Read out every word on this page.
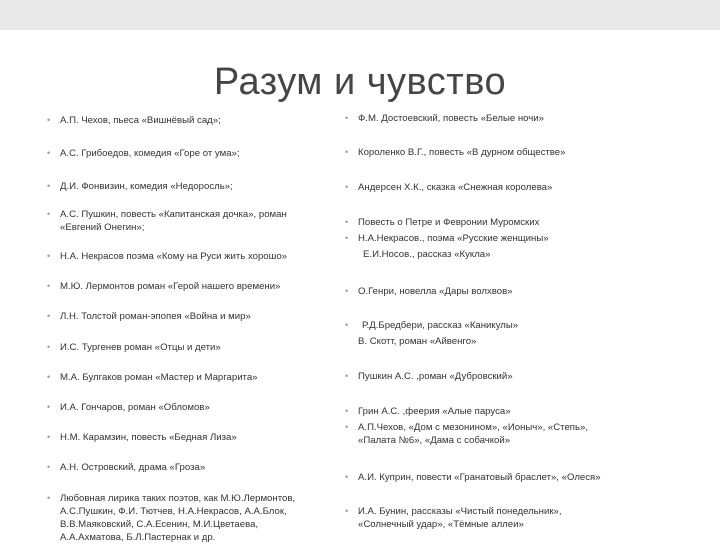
Разум и чувство
• А.П. Чехов, пьеса «Вишнёвый сад»;
• А.С. Грибоедов, комедия «Горе от ума»;
• Д.И. Фонвизин, комедия «Недоросль»;
• А.С. Пушкин, повесть «Капитанская дочка», роман
«Евгений Онегин»;
• Н.А. Некрасов поэма «Кому на Руси жить хорошо»
• М.Ю. Лермонтов роман «Герой нашего времени»
• Л.Н. Толстой роман-эпопея «Война и мир»
• И.С. Тургенев роман «Отцы и дети»
• М.А. Булгаков роман «Мастер и Маргарита»
• И.А. Гончаров, роман «Обломов»
• Н.М. Карамзин, повесть «Бедная Лиза»
• А.Н. Островский, драма «Гроза»
• Любовная лирика таких поэтов, как М.Ю.Лермонтов,
А.С.Пушкин, Ф.И. Тютчев, Н.А.Некрасов, А.А.Блок,
В.В.Маяковский, С.А.Есенин, М.И.Цветаева,
А.А.Ахматова, Б.Л.Пастернак и др.
• Ф.М. Достоевский, повесть «Белые ночи»
• Короленко В.Г., повесть «В дурном обществе»
• Андерсен Х.К., сказка «Снежная королева»
• Повесть о Петре и Февронии Муромских
• Н.А.Некрасов., поэма «Русские женщины»
Е.И.Носов., рассказ «Кукла»
• О.Генри, новелла «Дары волхвов»
• Р.Д.Бредбери, рассказ «Каникулы»
В. Скотт, роман «Айвенго»
• Пушкин А.С. ,роман «Дубровский»
• Грин А.С. ,феерия «Алые паруса»
• А.П.Чехов, «Дом с мезонином», «Ионыч», «Степь»,
«Палата №6», «Дама с собачкой»
• А.И. Куприн, повести «Гранатовый браслет», «Олеся»
• И.А. Бунин, рассказы «Чистый понедельник»,
«Солнечный удар», «Тёмные аллеи»
